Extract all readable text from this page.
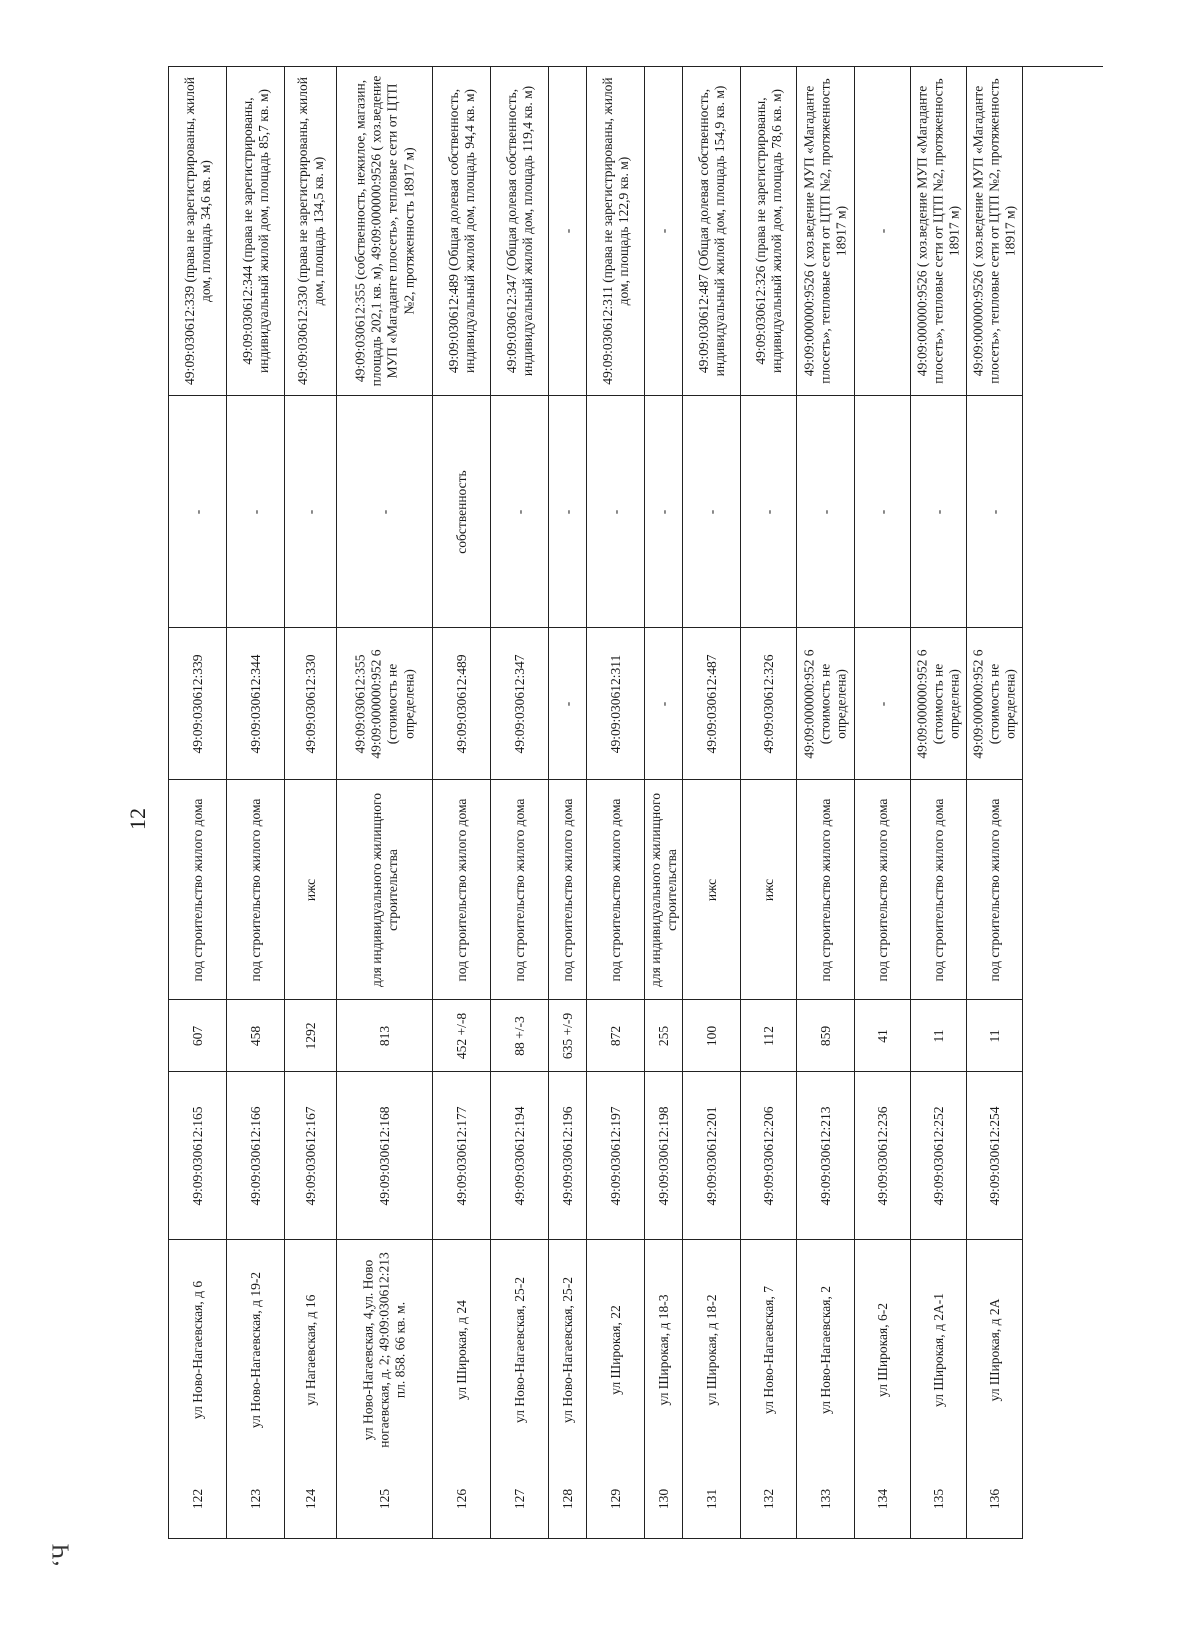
12
ʻЧ
122
ул Ново-Нагаевская, д 6
49:09:030612:165
607
под строительство жилого дома
49:09:030612:339
-
49:09:030612:339 (права не зарегистрированы, жилой дом, площадь 34,6 кв. м)
123
ул Ново-Нагаевская, д 19-2
49:09:030612:166
458
под строительство жилого дома
49:09:030612:344
-
49:09:030612:344 (права не зарегистрированы, индивидуальный жилой дом, площадь 85,7 кв. м)
124
ул Нагаевская, д 16
49:09:030612:167
1292
ижс
49:09:030612:330
-
49:09:030612:330 (права не зарегистрированы, жилой дом, площадь 134,5 кв. м)
125
ул Ново-Нагаевская, 4,ул. Ново ногаевская, д. 2; 49:09:030612:213 пл. 858. 66 кв. м.
49:09:030612:168
813
для индивидуального жилищного строительства
49:09:030612:355 49:09:000000:952 6 (стоимость не определена)
-
49:09:030612:355 (собственность, нежилое, магазин, площадь 202,1 кв. м), 49:09:000000:9526 ( хоз.ведение МУП «Магаданте плосеть», тепловые сети от ЦТП №2, протяженность 18917 м)
126
ул Широкая, д 24
49:09:030612:177
452 +/-8
под строительство жилого дома
49:09:030612:489
собственность
49:09:030612:489 (Общая долевая собственность, индивидуальный жилой дом, площадь 94,4 кв. м)
127
ул Ново-Нагаевская, 25-2
49:09:030612:194
88 +/-3
под строительство жилого дома
49:09:030612:347
-
49:09:030612:347 (Общая долевая собственность, индивидуальный жилой дом, площадь 119,4 кв. м)
128
ул Ново-Нагаевская, 25-2
49:09:030612:196
635 +/-9
под строительство жилого дома
-
-
-
129
ул Широкая, 22
49:09:030612:197
872
под строительство жилого дома
49:09:030612:311
-
49:09:030612:311 (права не зарегистрированы, жилой дом, площадь 122,9 кв. м)
130
ул Широкая, д 18-3
49:09:030612:198
255
для индивидуального жилищного строительства
-
-
-
131
ул Широкая, д 18-2
49:09:030612:201
100
ижс
49:09:030612:487
-
49:09:030612:487 (Общая долевая собственность, индивидуальный жилой дом, площадь 154,9 кв. м)
132
ул Ново-Нагаевская, 7
49:09:030612:206
112
ижс
49:09:030612:326
-
49:09:030612:326 (права не зарегистрированы, индивидуальный жилой дом, площадь 78,6 кв. м)
133
ул Ново-Нагаевская, 2
49:09:030612:213
859
под строительство жилого дома
49:09:000000:952 6 (стоимость не определена)
-
49:09:000000:9526 ( хоз.ведение МУП «Магаданте плосеть», тепловые сети от ЦТП №2, протяженность 18917 м)
134
ул Широкая, 6-2
49:09:030612:236
41
под строительство жилого дома
-
-
-
135
ул Широкая, д 2А-1
49:09:030612:252
11
под строительство жилого дома
49:09:000000:952 6 (стоимость не определена)
-
49:09:000000:9526 ( хоз.ведение МУП «Магаданте плосеть», тепловые сети от ЦТП №2, протяженность 18917 м)
136
ул Широкая, д 2А
49:09:030612:254
11
под строительство жилого дома
49:09:000000:952 6 (стоимость не определена)
-
49:09:000000:9526 ( хоз.ведение МУП «Магаданте плосеть», тепловые сети от ЦТП №2, протяженность 18917 м)
